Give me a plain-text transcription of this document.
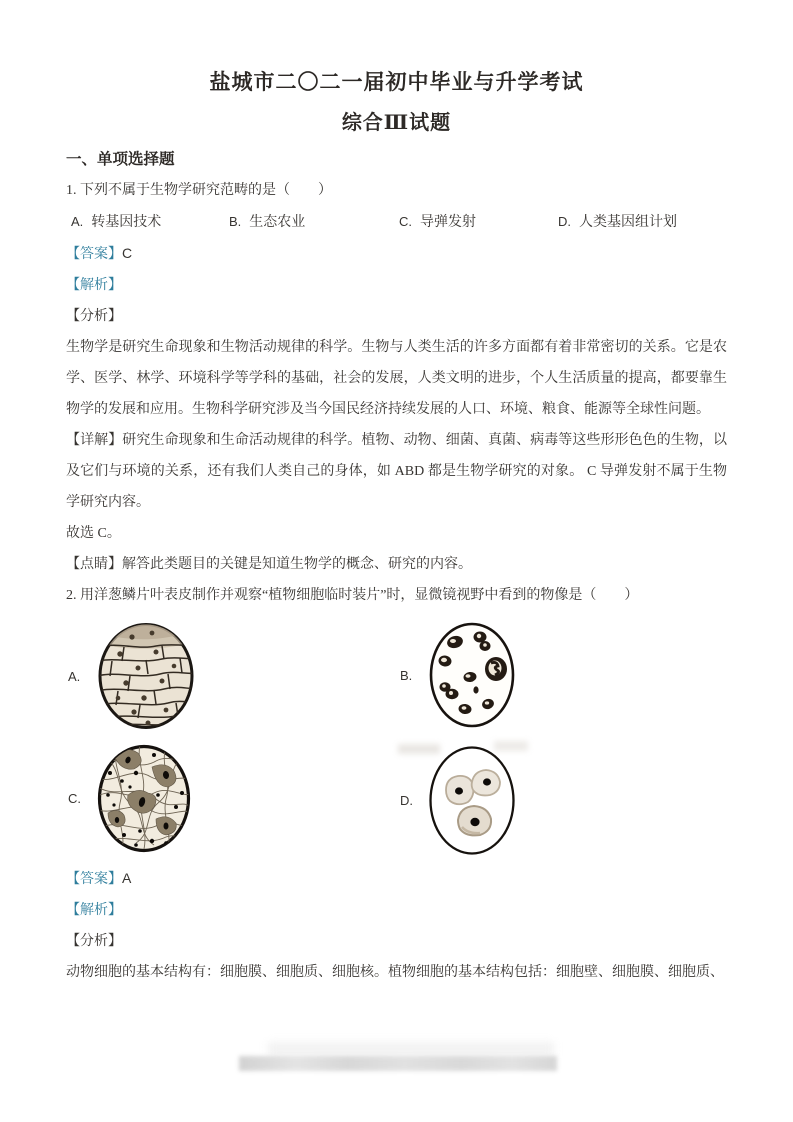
盐城市二〇二一届初中毕业与升学考试
综合Ⅲ试题
一、单项选择题

1. 下列不属于生物学研究范畴的是（　　）

A. 转基因技术	B. 生态农业	C. 导弹发射	D. 人类基因组计划

【答案】C

【解析】

【分析】

生物学是研究生命现象和生物活动规律的科学。生物与人类生活的许多方面都有着非常密切的关系。它是农学、医学、林学、环境科学等学科的基础，社会的发展，人类文明的进步，个人生活质量的提高，都要靠生物学的发展和应用。生物科学研究涉及当今国民经济持续发展的人口、环境、粮食、能源等全球性问题。

【详解】研究生命现象和生命活动规律的科学。植物、动物、细菌、真菌、病毒等这些形形色色的生物，以及它们与环境的关系，还有我们人类自己的身体，如 ABD 都是生物学研究的对象。 C 导弹发射不属于生物学研究内容。

故选 C。

【点睛】解答此类题目的关键是知道生物学的概念、研究的内容。

2. 用洋葱鳞片叶表皮制作并观察“植物细胞临时装片”时，显微镜视野中看到的物像是（　　）

A.	B.
C.	D.

【答案】A

【解析】

【分析】

动物细胞的基本结构有：细胞膜、细胞质、细胞核。植物细胞的基本结构包括：细胞壁、细胞膜、细胞质、
